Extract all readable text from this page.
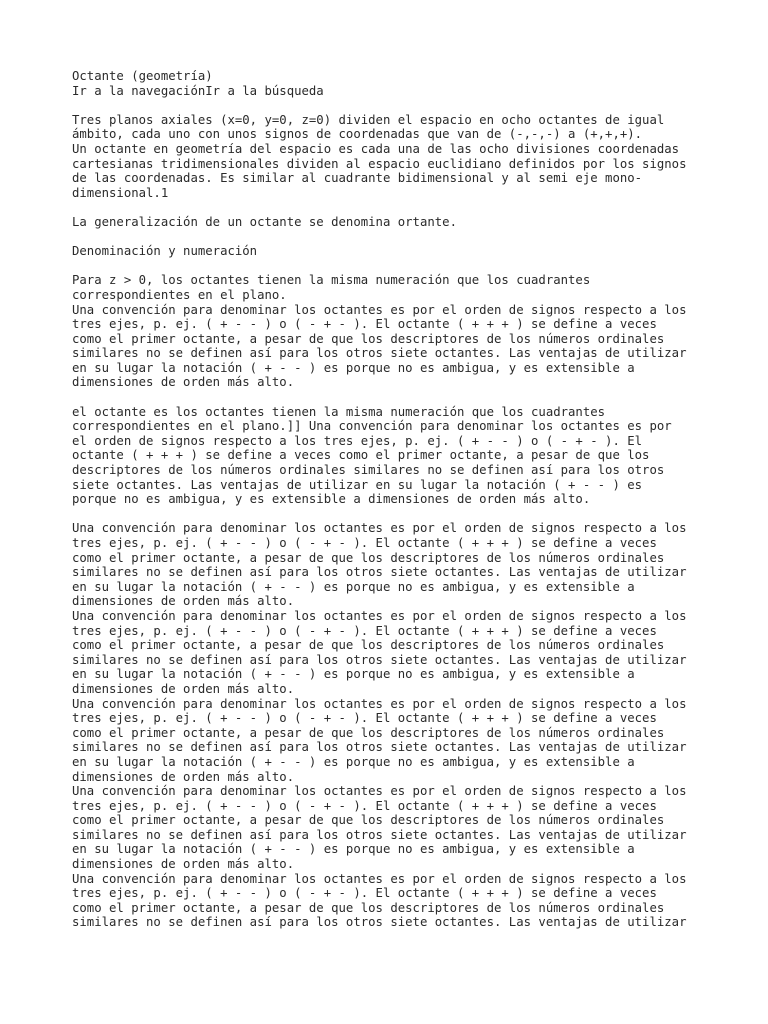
Octante (geometría)
Ir a la navegaciónIr a la búsqueda
Tres planos axiales (x=0, y=0, z=0) dividen el espacio en ocho octantes de igual
ámbito, cada uno con unos signos de coordenadas que van de (-,-,-) a (+,+,+).
Un octante en geometría del espacio es cada una de las ocho divisiones coordenadas
cartesianas tridimensionales dividen al espacio euclidiano definidos por los signos
de las coordenadas. Es similar al cuadrante bidimensional y al semi eje mono-
dimensional.1
La generalización de un octante se denomina ortante.
Denominación y numeración
Para z > 0, los octantes tienen la misma numeración que los cuadrantes
correspondientes en el plano.
Una convención para denominar los octantes es por el orden de signos respecto a los
tres ejes, p. ej. ( + - - ) o ( - + - ). El octante ( + + + ) se define a veces
como el primer octante, a pesar de que los descriptores de los números ordinales
similares no se definen así para los otros siete octantes. Las ventajas de utilizar
en su lugar la notación ( + - - ) es porque no es ambigua, y es extensible a
dimensiones de orden más alto.
el octante es los octantes tienen la misma numeración que los cuadrantes
correspondientes en el plano.]] Una convención para denominar los octantes es por
el orden de signos respecto a los tres ejes, p. ej. ( + - - ) o ( - + - ). El
octante ( + + + ) se define a veces como el primer octante, a pesar de que los
descriptores de los números ordinales similares no se definen así para los otros
siete octantes. Las ventajas de utilizar en su lugar la notación ( + - - ) es
porque no es ambigua, y es extensible a dimensiones de orden más alto.
Una convención para denominar los octantes es por el orden de signos respecto a los
tres ejes, p. ej. ( + - - ) o ( - + - ). El octante ( + + + ) se define a veces
como el primer octante, a pesar de que los descriptores de los números ordinales
similares no se definen así para los otros siete octantes. Las ventajas de utilizar
en su lugar la notación ( + - - ) es porque no es ambigua, y es extensible a
dimensiones de orden más alto.
Una convención para denominar los octantes es por el orden de signos respecto a los
tres ejes, p. ej. ( + - - ) o ( - + - ). El octante ( + + + ) se define a veces
como el primer octante, a pesar de que los descriptores de los números ordinales
similares no se definen así para los otros siete octantes. Las ventajas de utilizar
en su lugar la notación ( + - - ) es porque no es ambigua, y es extensible a
dimensiones de orden más alto.
Una convención para denominar los octantes es por el orden de signos respecto a los
tres ejes, p. ej. ( + - - ) o ( - + - ). El octante ( + + + ) se define a veces
como el primer octante, a pesar de que los descriptores de los números ordinales
similares no se definen así para los otros siete octantes. Las ventajas de utilizar
en su lugar la notación ( + - - ) es porque no es ambigua, y es extensible a
dimensiones de orden más alto.
Una convención para denominar los octantes es por el orden de signos respecto a los
tres ejes, p. ej. ( + - - ) o ( - + - ). El octante ( + + + ) se define a veces
como el primer octante, a pesar de que los descriptores de los números ordinales
similares no se definen así para los otros siete octantes. Las ventajas de utilizar
en su lugar la notación ( + - - ) es porque no es ambigua, y es extensible a
dimensiones de orden más alto.
Una convención para denominar los octantes es por el orden de signos respecto a los
tres ejes, p. ej. ( + - - ) o ( - + - ). El octante ( + + + ) se define a veces
como el primer octante, a pesar de que los descriptores de los números ordinales
similares no se definen así para los otros siete octantes. Las ventajas de utilizar
